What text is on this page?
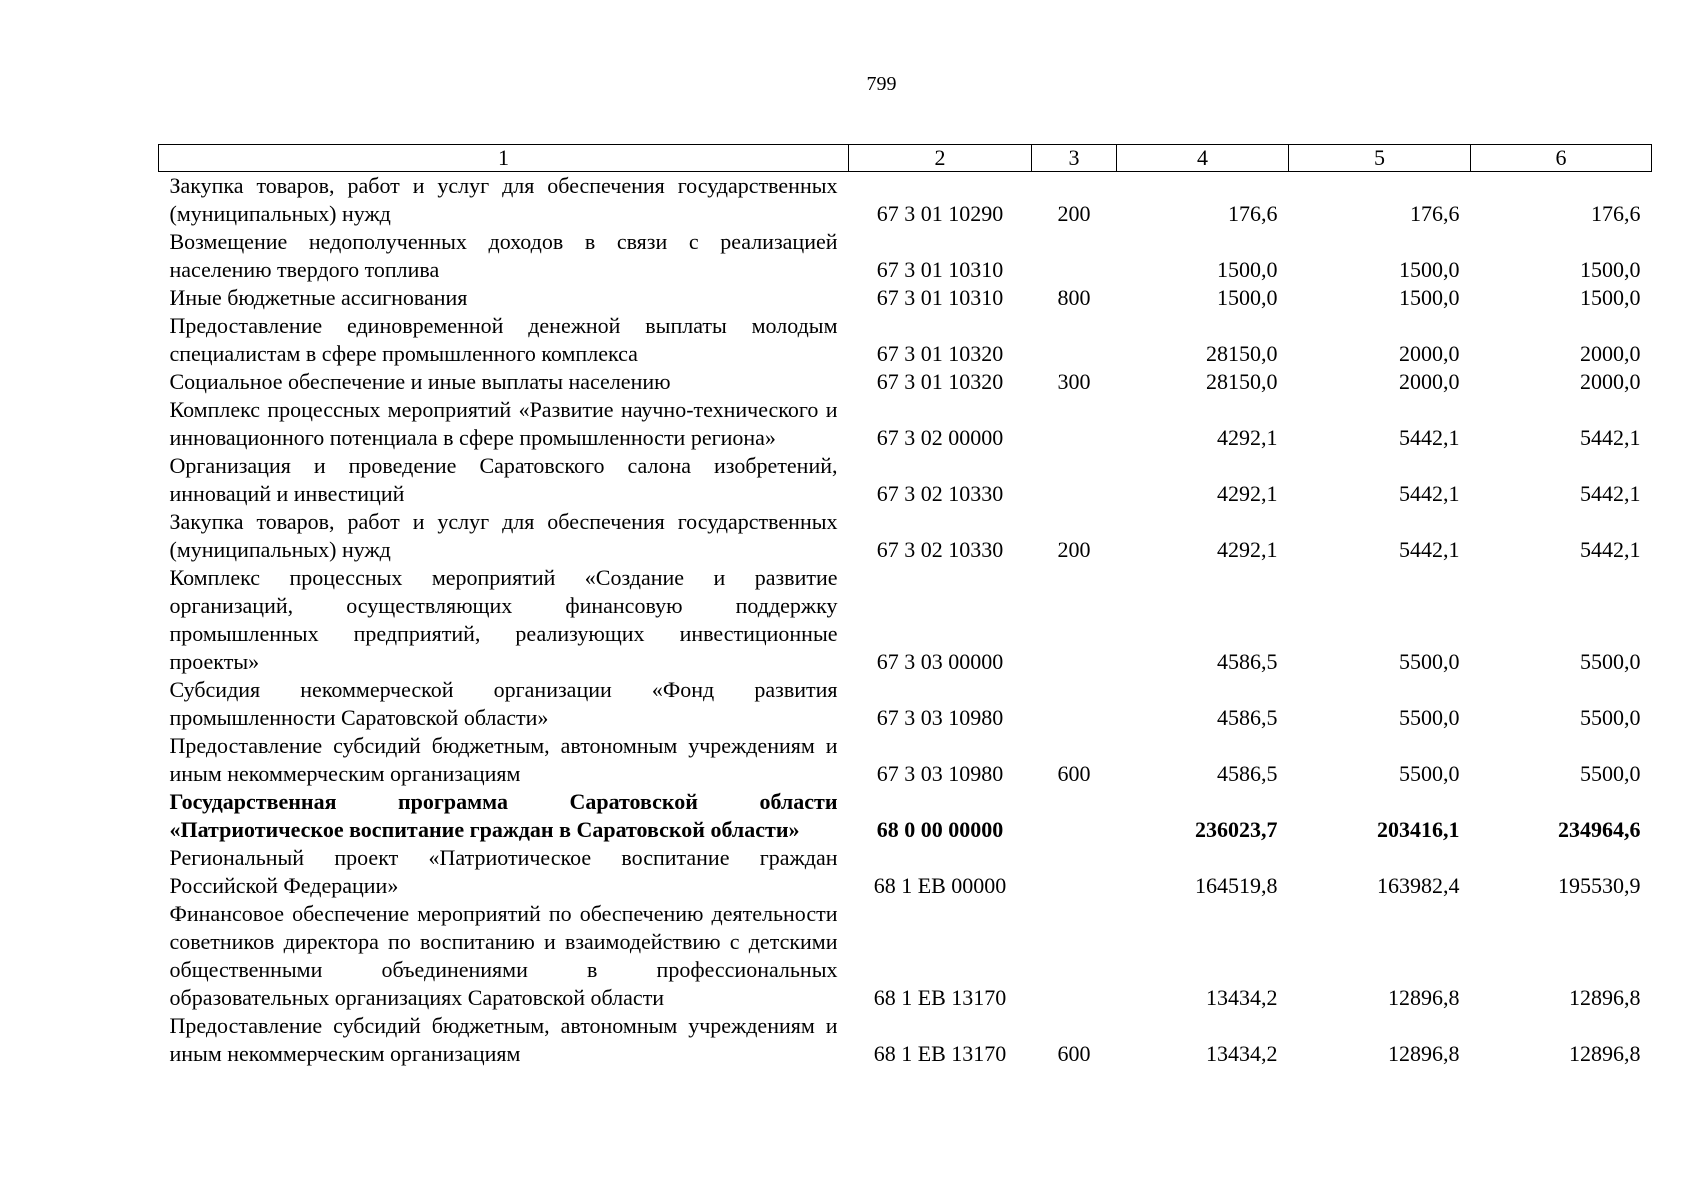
799
1	2	3	4	5	6
Закупка товаров, работ и услуг для обеспечения государственных (муниципальных) нужд	67 3 01 10290	200	176,6	176,6	176,6
Возмещение недополученных доходов в связи с реализацией населению твердого топлива	67 3 01 10310		1500,0	1500,0	1500,0
Иные бюджетные ассигнования	67 3 01 10310	800	1500,0	1500,0	1500,0
Предоставление единовременной денежной выплаты молодым специалистам в сфере промышленного комплекса	67 3 01 10320		28150,0	2000,0	2000,0
Социальное обеспечение и иные выплаты населению	67 3 01 10320	300	28150,0	2000,0	2000,0
Комплекс процессных мероприятий «Развитие научно-технического и инновационного потенциала в сфере промышленности региона»	67 3 02 00000		4292,1	5442,1	5442,1
Организация и проведение Саратовского салона изобретений, инноваций и инвестиций	67 3 02 10330		4292,1	5442,1	5442,1
Закупка товаров, работ и услуг для обеспечения государственных (муниципальных) нужд	67 3 02 10330	200	4292,1	5442,1	5442,1
Комплекс процессных мероприятий «Создание и развитие организаций, осуществляющих финансовую поддержку промышленных предприятий, реализующих инвестиционные проекты»	67 3 03 00000		4586,5	5500,0	5500,0
Субсидия некоммерческой организации «Фонд развития промышленности Саратовской области»	67 3 03 10980		4586,5	5500,0	5500,0
Предоставление субсидий бюджетным, автономным учреждениям и иным некоммерческим организациям	67 3 03 10980	600	4586,5	5500,0	5500,0
Государственная программа Саратовской области «Патриотическое воспитание граждан в Саратовской области»	68 0 00 00000		236023,7	203416,1	234964,6
Региональный проект «Патриотическое воспитание граждан Российской Федерации»	68 1 ЕВ 00000		164519,8	163982,4	195530,9
Финансовое обеспечение мероприятий по обеспечению деятельности советников директора по воспитанию и взаимодействию с детскими общественными объединениями в профессиональных образовательных организациях Саратовской области	68 1 ЕВ 13170		13434,2	12896,8	12896,8
Предоставление субсидий бюджетным, автономным учреждениям и иным некоммерческим организациям	68 1 ЕВ 13170	600	13434,2	12896,8	12896,8
